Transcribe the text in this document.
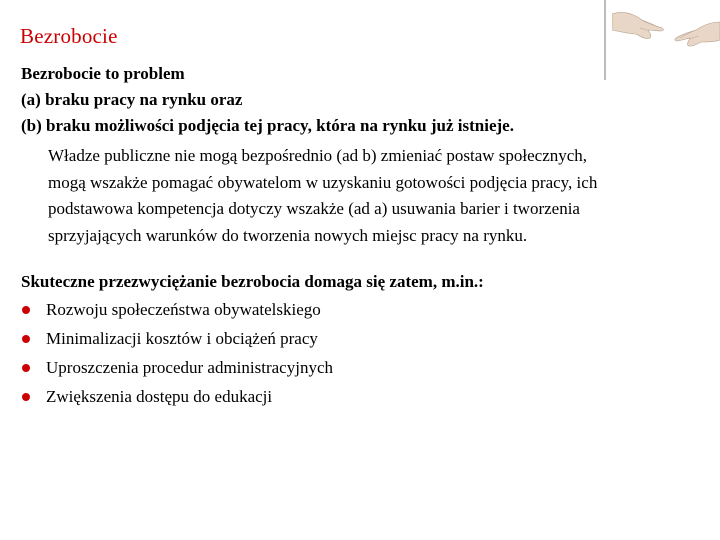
Bezrobocie
Bezrobocie to problem
(a) braku pracy na rynku oraz
(b) braku możliwości podjęcia tej pracy, która na rynku już istnieje.
Władze publiczne nie mogą bezpośrednio (ad b) zmieniać postaw społecznych,
mogą wszakże pomagać obywatelom w uzyskaniu gotowości podjęcia pracy, ich
podstawowa kompetencja dotyczy wszakże (ad a) usuwania barier i tworzenia
sprzyjających warunków do tworzenia nowych miejsc pracy na rynku.
Skuteczne przezwyciężanie bezrobocia domaga się zatem, m.in.:
Rozwoju społeczeństwa obywatelskiego
Minimalizacji kosztów i obciążeń pracy
Uproszczenia procedur administracyjnych
Zwiększenia dostępu do edukacji
